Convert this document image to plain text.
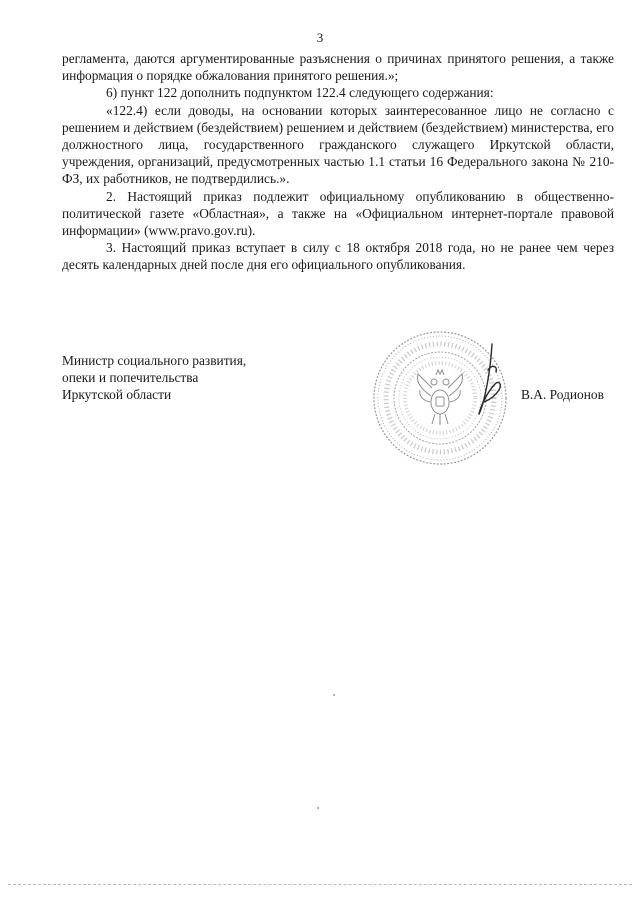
3

регламента, даются аргументированные разъяснения о причинах принятого решения, а также информация о порядке обжалования принятого решения.»;

6) пункт 122 дополнить подпунктом 122.4 следующего содержания:

«122.4) если доводы, на основании которых заинтересованное лицо не согласно с решением и действием (бездействием) решением и действием (бездействием) министерства, его должностного лица, государственного гражданского служащего Иркутской области, учреждения, организаций, предусмотренных частью 1.1 статьи 16 Федерального закона № 210-ФЗ, их работников, не подтвердились.».

2. Настоящий приказ подлежит официальному опубликованию в общественно-политической газете «Областная», а также на «Официальном интернет-портале правовой информации» (www.pravo.gov.ru).

3. Настоящий приказ вступает в силу с 18 октября 2018 года, но не ранее чем через десять календарных дней после дня его официального опубликования.

Министр социального развития,
опеки и попечительства
Иркутской области	В.А. Родионов
